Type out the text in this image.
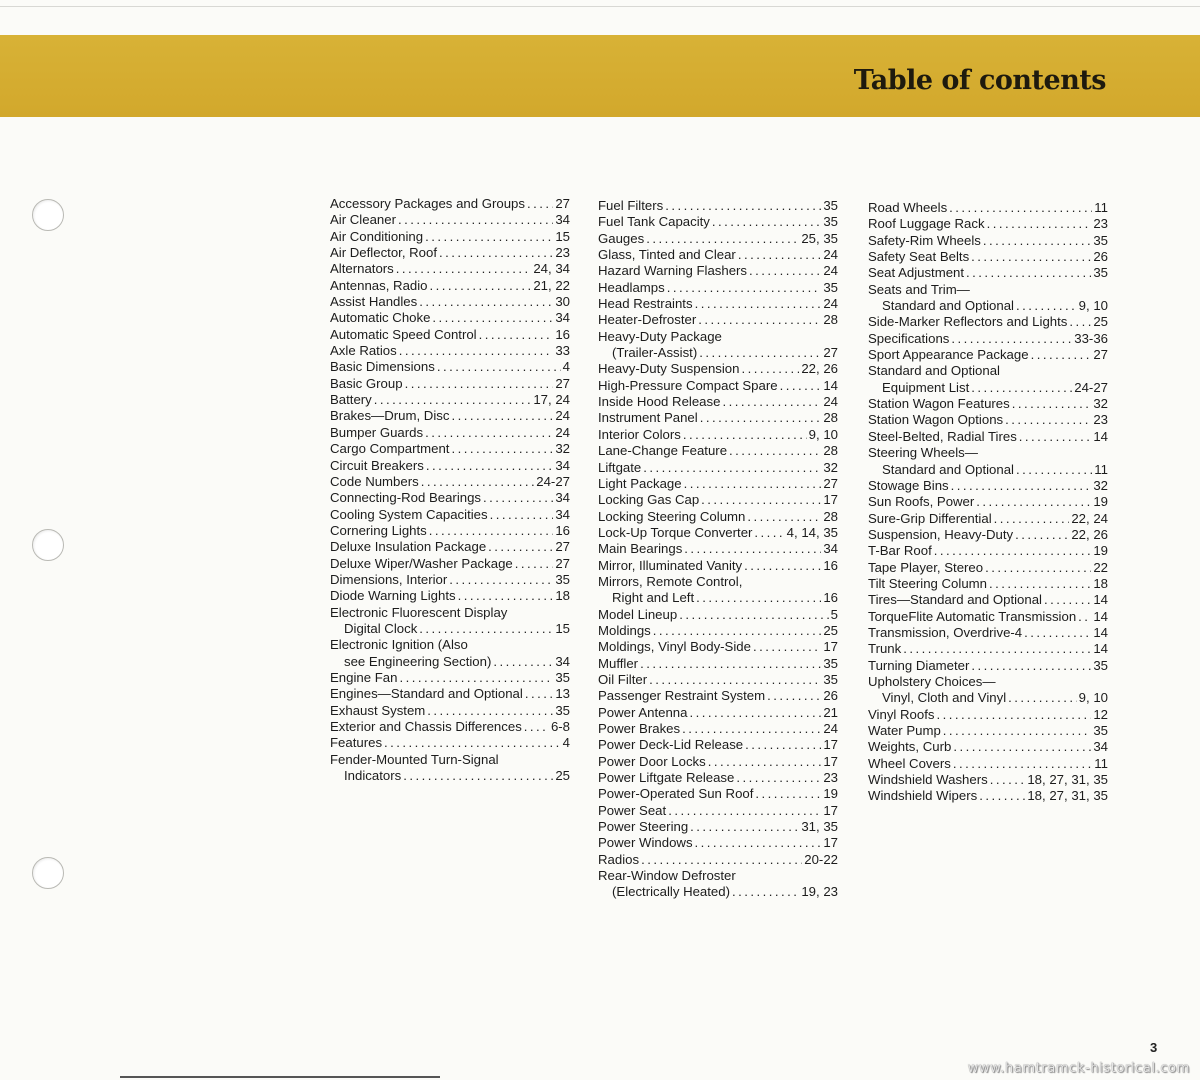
Table of contents
Accessory Packages and Groups . . . 27
Air Cleaner . . .	34
Air Conditioning . . .	15
Air Deflector, Roof . . .	23
Alternators . . .	24, 34
Antennas, Radio . . .	21, 22
Assist Handles . . .	30
Automatic Choke . . .	34
Automatic Speed Control . . .	16
Axle Ratios . . .	33
Basic Dimensions . . .	4
Basic Group . . .	27
Battery . . .	17, 24
Brakes—Drum, Disc . . .	24
Bumper Guards . . .	24
Cargo Compartment . . .	32
Circuit Breakers . . .	34
Code Numbers . . .	24-27
Connecting-Rod Bearings . . .	34
Cooling System Capacities . . .	34
Cornering Lights . . .	16
Deluxe Insulation Package . . .	27
Deluxe Wiper/Washer Package . . .	27
Dimensions, Interior . . .	35
Diode Warning Lights . . .	18
Electronic Fluorescent Display
Digital Clock . . .	15
Electronic Ignition (Also
see Engineering Section) . . .	34
Engine Fan . . .	35
Engines—Standard and Optional . . . 13
Exhaust System . . .	35
Exterior and Chassis Differences . . . 6-8
Features . . .	4
Fender-Mounted Turn-Signal
Indicators . . .	25
Fuel Filters . . .	35
Fuel Tank Capacity . . .	35
Gauges . . .	25, 35
Glass, Tinted and Clear . . .	24
Hazard Warning Flashers . . .	24
Headlamps . . .	35
Head Restraints . . .	24
Heater-Defroster . . .	28
Heavy-Duty Package
(Trailer-Assist) . . .	27
Heavy-Duty Suspension . . .	22, 26
High-Pressure Compact Spare . . .	14
Inside Hood Release . . .	24
Instrument Panel . . .	28
Interior Colors . . .	9, 10
Lane-Change Feature . . .	28
Liftgate . . .	32
Light Package . . .	27
Locking Gas Cap . . .	17
Locking Steering Column . . .	28
Lock-Up Torque Converter . . .	4, 14, 35
Main Bearings . . .	34
Mirror, Illuminated Vanity . . .	16
Mirrors, Remote Control,
Right and Left . . .	16
Model Lineup . . .	5
Moldings . . .	25
Moldings, Vinyl Body-Side . . .	17
Muffler . . .	35
Oil Filter . . .	35
Passenger Restraint System . . .	26
Power Antenna . . .	21
Power Brakes . . .	24
Power Deck-Lid Release . . .	17
Power Door Locks . . .	17
Power Liftgate Release . . .	23
Power-Operated Sun Roof . . .	19
Power Seat . . .	17
Power Steering . . .	31, 35
Power Windows . . .	17
Radios . . .	20-22
Rear-Window Defroster
(Electrically Heated) . . .	19, 23
Road Wheels . . .	11
Roof Luggage Rack . . .	23
Safety-Rim Wheels . . .	35
Safety Seat Belts . . .	26
Seat Adjustment . . .	35
Seats and Trim—
Standard and Optional . . .	9, 10
Side-Marker Reflectors and Lights . . . 25
Specifications . . .	33-36
Sport Appearance Package . . .	27
Standard and Optional
Equipment List . . .	24-27
Station Wagon Features . . .	32
Station Wagon Options . . .	23
Steel-Belted, Radial Tires . . .	14
Steering Wheels—
Standard and Optional . . .	11
Stowage Bins . . .	32
Sun Roofs, Power . . .	19
Sure-Grip Differential . . .	22, 24
Suspension, Heavy-Duty . . .	22, 26
T-Bar Roof . . .	19
Tape Player, Stereo . . .	22
Tilt Steering Column . . .	18
Tires—Standard and Optional . . .	14
TorqueFlite Automatic Transmission . . . 14
Transmission, Overdrive-4 . . .	14
Trunk . . .	14
Turning Diameter . . .	35
Upholstery Choices—
Vinyl, Cloth and Vinyl . . .	9, 10
Vinyl Roofs . . .	12
Water Pump . . .	35
Weights, Curb . . .	34
Wheel Covers . . .	11
Windshield Washers . . .	18, 27, 31, 35
Windshield Wipers . . .	18, 27, 31, 35
3
www.hamtramck-historical.com
